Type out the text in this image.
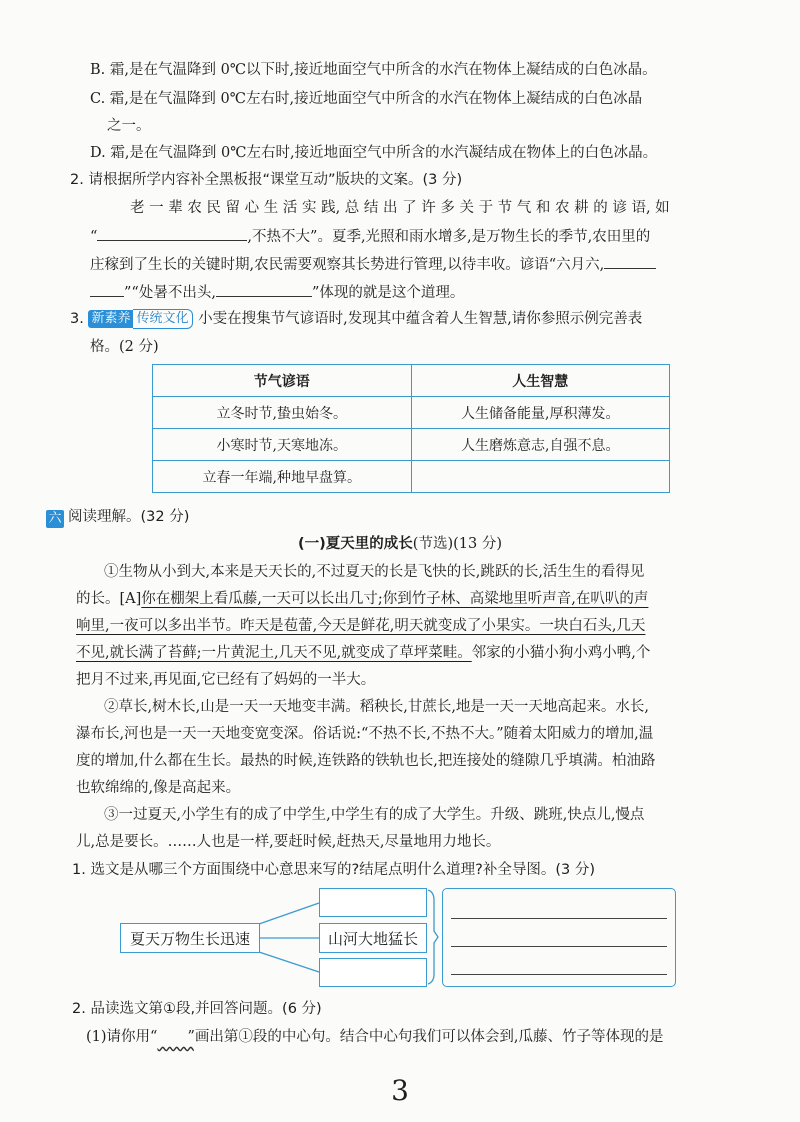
B. 霜,是在气温降到 0℃以下时,接近地面空气中所含的水汽在物体上凝结成的白色冰晶。
C. 霜,是在气温降到 0℃左右时,接近地面空气中所含的水汽在物体上凝结成的白色冰晶
之一。
D. 霜,是在气温降到 0℃左右时,接近地面空气中所含的水汽凝结成在物体上的白色冰晶。
2. 请根据所学内容补全黑板报“课堂互动”版块的文案。(3 分)
老 一 辈 农 民 留 心 生 活 实 践, 总 结 出 了 许 多 关 于 节 气 和 农 耕 的 谚 语, 如
“	,不热不大”。夏季,光照和雨水增多,是万物生长的季节,农田里的
庄稼到了生长的关键时期,农民需要观察其长势进行管理,以待丰收。谚语“六月六,
”“处暑不出头,	”体现的就是这个道理。
3. 新素养 传统文化 小雯在搜集节气谚语时,发现其中蕴含着人生智慧,请你参照示例完善表
格。(2 分)
节气谚语	人生智慧
立冬时节,蛰虫始冬。	人生储备能量,厚积薄发。
小寒时节,天寒地冻。	人生磨炼意志,自强不息。
立春一年端,种地早盘算。	
六 阅读理解。(32 分)
(一)夏天里的成长(节选)(13 分)
①生物从小到大,本来是天天长的,不过夏天的长是飞快的长,跳跃的长,活生生的看得见
的长。[A]你在棚架上看瓜藤,一天可以长出几寸;你到竹子林、高粱地里听声音,在叭叭的声
响里,一夜可以多出半节。昨天是苞蕾,今天是鲜花,明天就变成了小果实。一块白石头,几天
不见,就长满了苔藓;一片黄泥土,几天不见,就变成了草坪菜畦。邻家的小猫小狗小鸡小鸭,个
把月不过来,再见面,它已经有了妈妈的一半大。
②草长,树木长,山是一天一天地变丰满。稻秧长,甘蔗长,地是一天一天地高起来。水长,
瀑布长,河也是一天一天地变宽变深。俗话说:“不热不长,不热不大。”随着太阳威力的增加,温
度的增加,什么都在生长。最热的时候,连铁路的铁轨也长,把连接处的缝隙几乎填满。柏油路
也软绵绵的,像是高起来。
③一过夏天,小学生有的成了中学生,中学生有的成了大学生。升级、跳班,快点儿,慢点
儿,总是要长。……人也是一样,要赶时候,赶热天,尽量地用力地长。
1. 选文是从哪三个方面围绕中心意思来写的?结尾点明什么道理?补全导图。(3 分)
夏天万物生长迅速	山河大地猛长
2. 品读选文第①段,并回答问题。(6 分)
(1)请你用“ ”画出第①段的中心句。结合中心句我们可以体会到,瓜藤、竹子等体现的是
3
